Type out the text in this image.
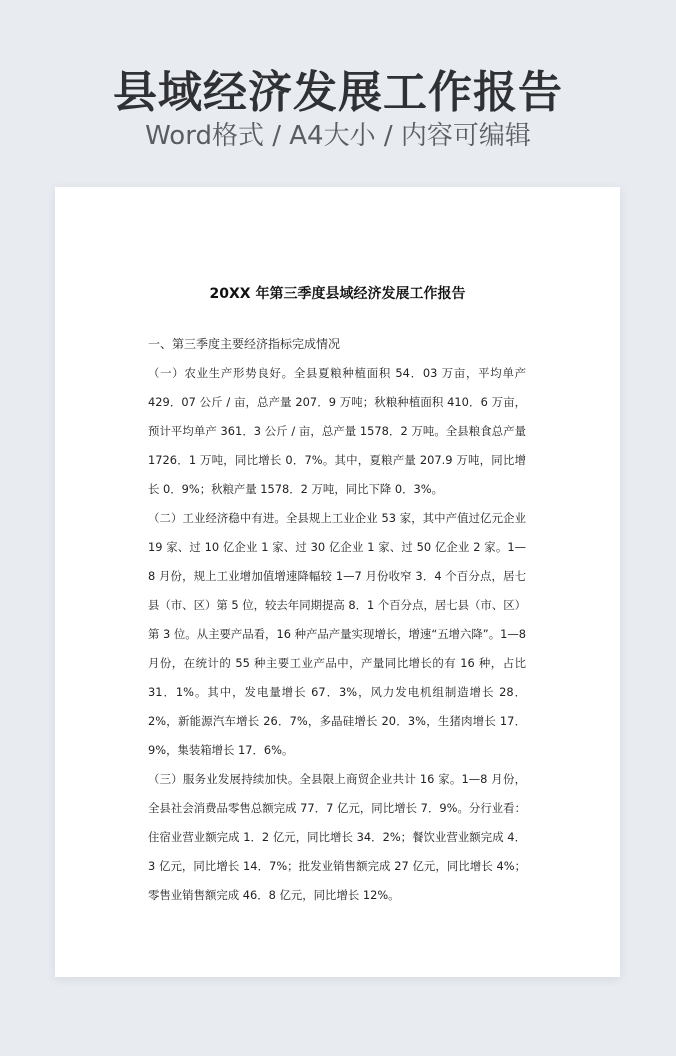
县域经济发展工作报告
Word格式 / A4大小 / 内容可编辑
20XX 年第三季度县域经济发展工作报告
一、第三季度主要经济指标完成情况

（一）农业生产形势良好。全县夏粮种植面积 54．03 万亩，平均单产 429．07 公斤 / 亩，总产量 207．9 万吨；秋粮种植面积 410．6 万亩，预计平均单产 361．3 公斤 / 亩，总产量 1578．2 万吨。全县粮食总产量 1726．1 万吨，同比增长 0．7%。其中，夏粮产量 207.9 万吨，同比增长 0．9%；秋粮产量 1578．2 万吨，同比下降 0．3%。

（二）工业经济稳中有进。全县规上工业企业 53 家，其中产值过亿元企业 19 家、过 10 亿企业 1 家、过 30 亿企业 1 家、过 50 亿企业 2 家。1—8 月份，规上工业增加值增速降幅较 1—7 月份收窄 3．4 个百分点，居七县（市、区）第 5 位，较去年同期提高 8．1 个百分点，居七县（市、区）第 3 位。从主要产品看，16 种产品产量实现增长，增速“五增六降”。1—8 月份，在统计的 55 种主要工业产品中，产量同比增长的有 16 种，占比 31．1%。其中，发电量增长 67．3%，风力发电机组制造增长 28．2%，新能源汽车增长 26．7%，多晶硅增长 20．3%，生猪肉增长 17．9%，集装箱增长 17．6%。

（三）服务业发展持续加快。全县限上商贸企业共计 16 家。1—8 月份，全县社会消费品零售总额完成 77．7 亿元，同比增长 7．9%。分行业看：住宿业营业额完成 1．2 亿元，同比增长 34．2%；餐饮业营业额完成 4．3 亿元，同比增长 14．7%；批发业销售额完成 27 亿元，同比增长 4%；零售业销售额完成 46．8 亿元，同比增长 12%。
